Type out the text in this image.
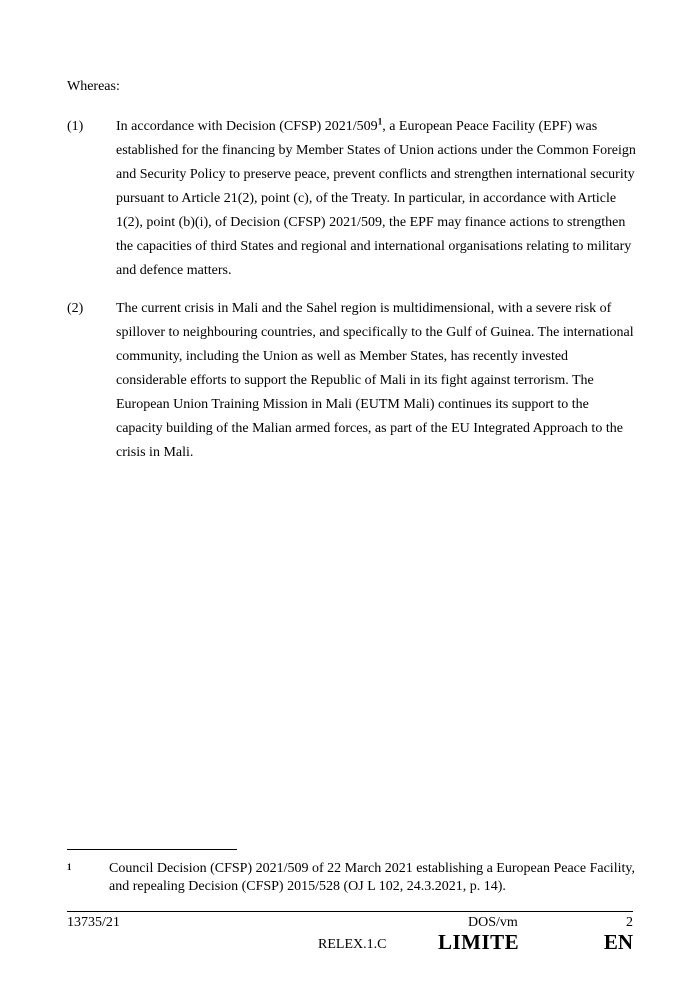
Whereas:
(1) In accordance with Decision (CFSP) 2021/509$^1$, a European Peace Facility (EPF) was established for the financing by Member States of Union actions under the Common Foreign and Security Policy to preserve peace, prevent conflicts and strengthen international security pursuant to Article 21(2), point (c), of the Treaty. In particular, in accordance with Article 1(2), point (b)(i), of Decision (CFSP) 2021/509, the EPF may finance actions to strengthen the capacities of third States and regional and international organisations relating to military and defence matters.
(2) The current crisis in Mali and the Sahel region is multidimensional, with a severe risk of spillover to neighbouring countries, and specifically to the Gulf of Guinea. The international community, including the Union as well as Member States, has recently invested considerable efforts to support the Republic of Mali in its fight against terrorism. The European Union Training Mission in Mali (EUTM Mali) continues its support to the capacity building of the Malian armed forces, as part of the EU Integrated Approach to the crisis in Mali.
1	Council Decision (CFSP) 2021/509 of 22 March 2021 establishing a European Peace Facility, and repealing Decision (CFSP) 2015/528 (OJ L 102, 24.3.2021, p. 14).
13735/21	DOS/vm	2
RELEX.1.C LIMITE	EN
